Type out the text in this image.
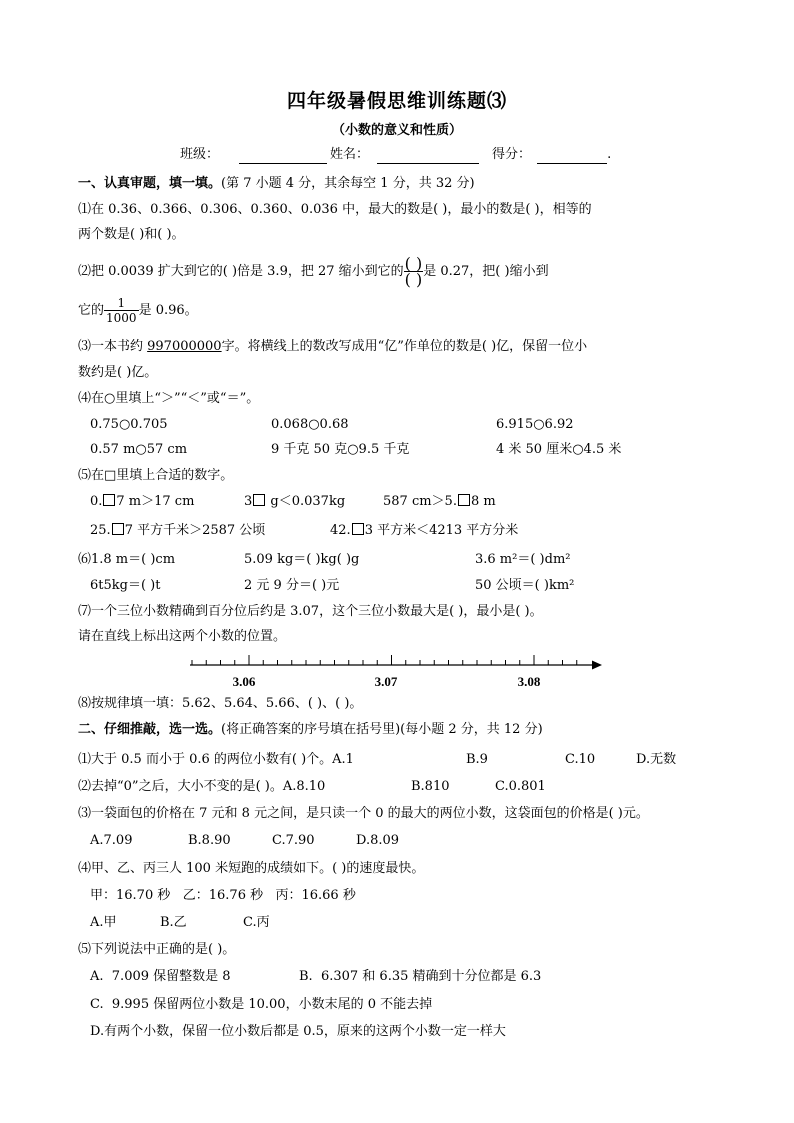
四年级暑假思维训练题⑶
（小数的意义和性质）
班级：	姓名：	得分：	.
一、认真审题，填一填。(第 7 小题 4 分，其余每空 1 分，共 32 分)
⑴在 0.36、0.366、0.306、0.360、0.036 中，最大的数是( )，最小的数是( )，相等的
两个数是( )和( )。
⑵把 0.0039 扩大到它的( )倍是 3.9，把 27 缩小到它的 $\frac{( )}{( )}$ 是 0.27，把( )缩小到
它的 $\frac{1}{1000}$ 是 0.96。
⑶一本书约 997000000字。将横线上的数改写成用“亿”作单位的数是( )亿，保留一位小
数约是( )亿。
⑷在○里填上“＞”“＜”或“＝”。
0.75○0.705	0.068○0.68	6.915○6.92
0.57 m○57 cm	9 千克 50 克○9.5 千克	4 米 50 厘米○4.5 米
⑸在□里填上合适的数字。
0. 7 m＞17 cm	3 g＜0.037kg	587 cm＞5. 8 m
25. 7 平方千米＞2587 公顷	42. 3 平方米＜4213 平方分米
⑹1.8 m＝( )cm	5.09 kg＝( )kg( )g	3.6 m²＝( )dm²
6t5kg＝( )t	2 元 9 分＝( )元	50 公顷＝( )km²
⑺一个三位小数精确到百分位后约是 3.07，这个三位小数最大是( )，最小是( )。
请在直线上标出这两个小数的位置。
3.06	3.07	3.08
⑻按规律填一填：5.62、5.64、5.66、( )、( )。
二、仔细推敲，选一选。(将正确答案的序号填在括号里)(每小题 2 分，共 12 分)
⑴大于 0.5 而小于 0.6 的两位小数有( )个。A.1	B.9	C.10	D.无数
⑵去掉“0”之后，大小不变的是( )。A.8.10	B.810	C.0.801
⑶一袋面包的价格在 7 元和 8 元之间，是只读一个 0 的最大的两位小数，这袋面包的价格是( )元。
A.7.09	B.8.90	C.7.90	D.8.09
⑷甲、乙、丙三人 100 米短跑的成绩如下。( )的速度最快。
甲：16.70 秒   乙：16.76 秒   丙：16.66 秒
A.甲	B.乙	C.丙
⑸下列说法中正确的是( )。
A.  7.009 保留整数是 8	B.  6.307 和 6.35 精确到十分位都是 6.3
C.  9.995 保留两位小数是 10.00，小数末尾的 0 不能去掉
D.有两个小数，保留一位小数后都是 0.5，原来的这两个小数一定一样大
